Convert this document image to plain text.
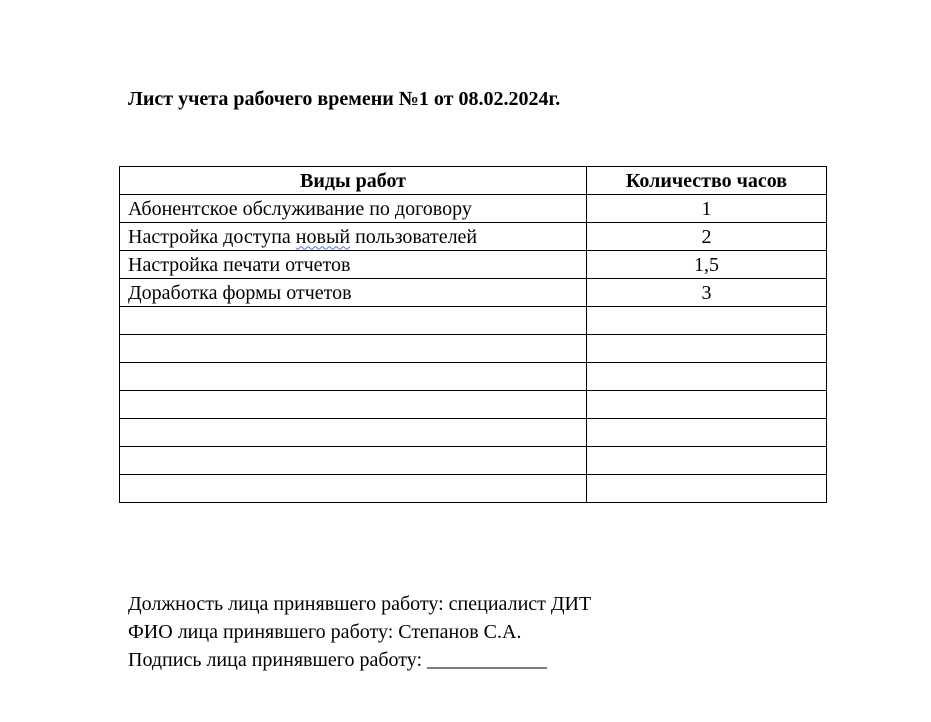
Лист учета рабочего времени №1 от 08.02.2024г.
Виды работ	Количество часов
Абонентское обслуживание по договору	1
Настройка доступа новый пользователей	2
Настройка печати отчетов	1,5
Доработка формы отчетов	3

Должность лица принявшего работу: специалист ДИТ
ФИО лица принявшего работу: Степанов С.А.
Подпись лица принявшего работу: ____________
